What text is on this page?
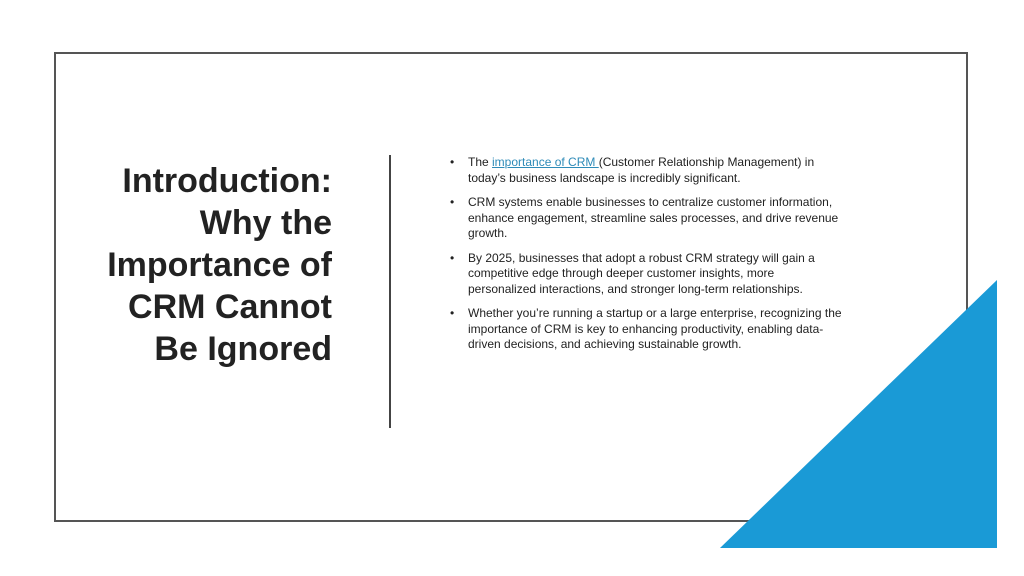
Introduction:
Why the
Importance of
CRM Cannot
Be Ignored
• The importance of CRM (Customer Relationship Management) in today’s business landscape is incredibly significant.
• CRM systems enable businesses to centralize customer information, enhance engagement, streamline sales processes, and drive revenue growth.
• By 2025, businesses that adopt a robust CRM strategy will gain a competitive edge through deeper customer insights, more personalized interactions, and stronger long-term relationships.
• Whether you’re running a startup or a large enterprise, recognizing the importance of CRM is key to enhancing productivity, enabling data-driven decisions, and achieving sustainable growth.
